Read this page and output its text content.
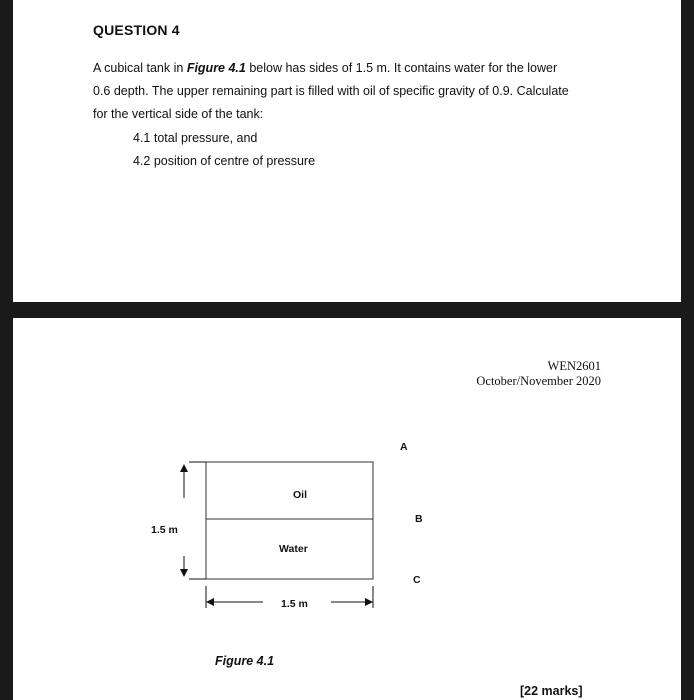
QUESTION 4
A cubical tank in Figure 4.1 below has sides of 1.5 m. It contains water for the lower
0.6 depth. The upper remaining part is filled with oil of specific gravity of 0.9. Calculate
for the vertical side of the tank:
4.1 total pressure, and
4.2 position of centre of pressure
WEN2601
October/November 2020
Oil
Water
1.5 m
1.5 m
A
B
C
Figure 4.1
[22 marks]
